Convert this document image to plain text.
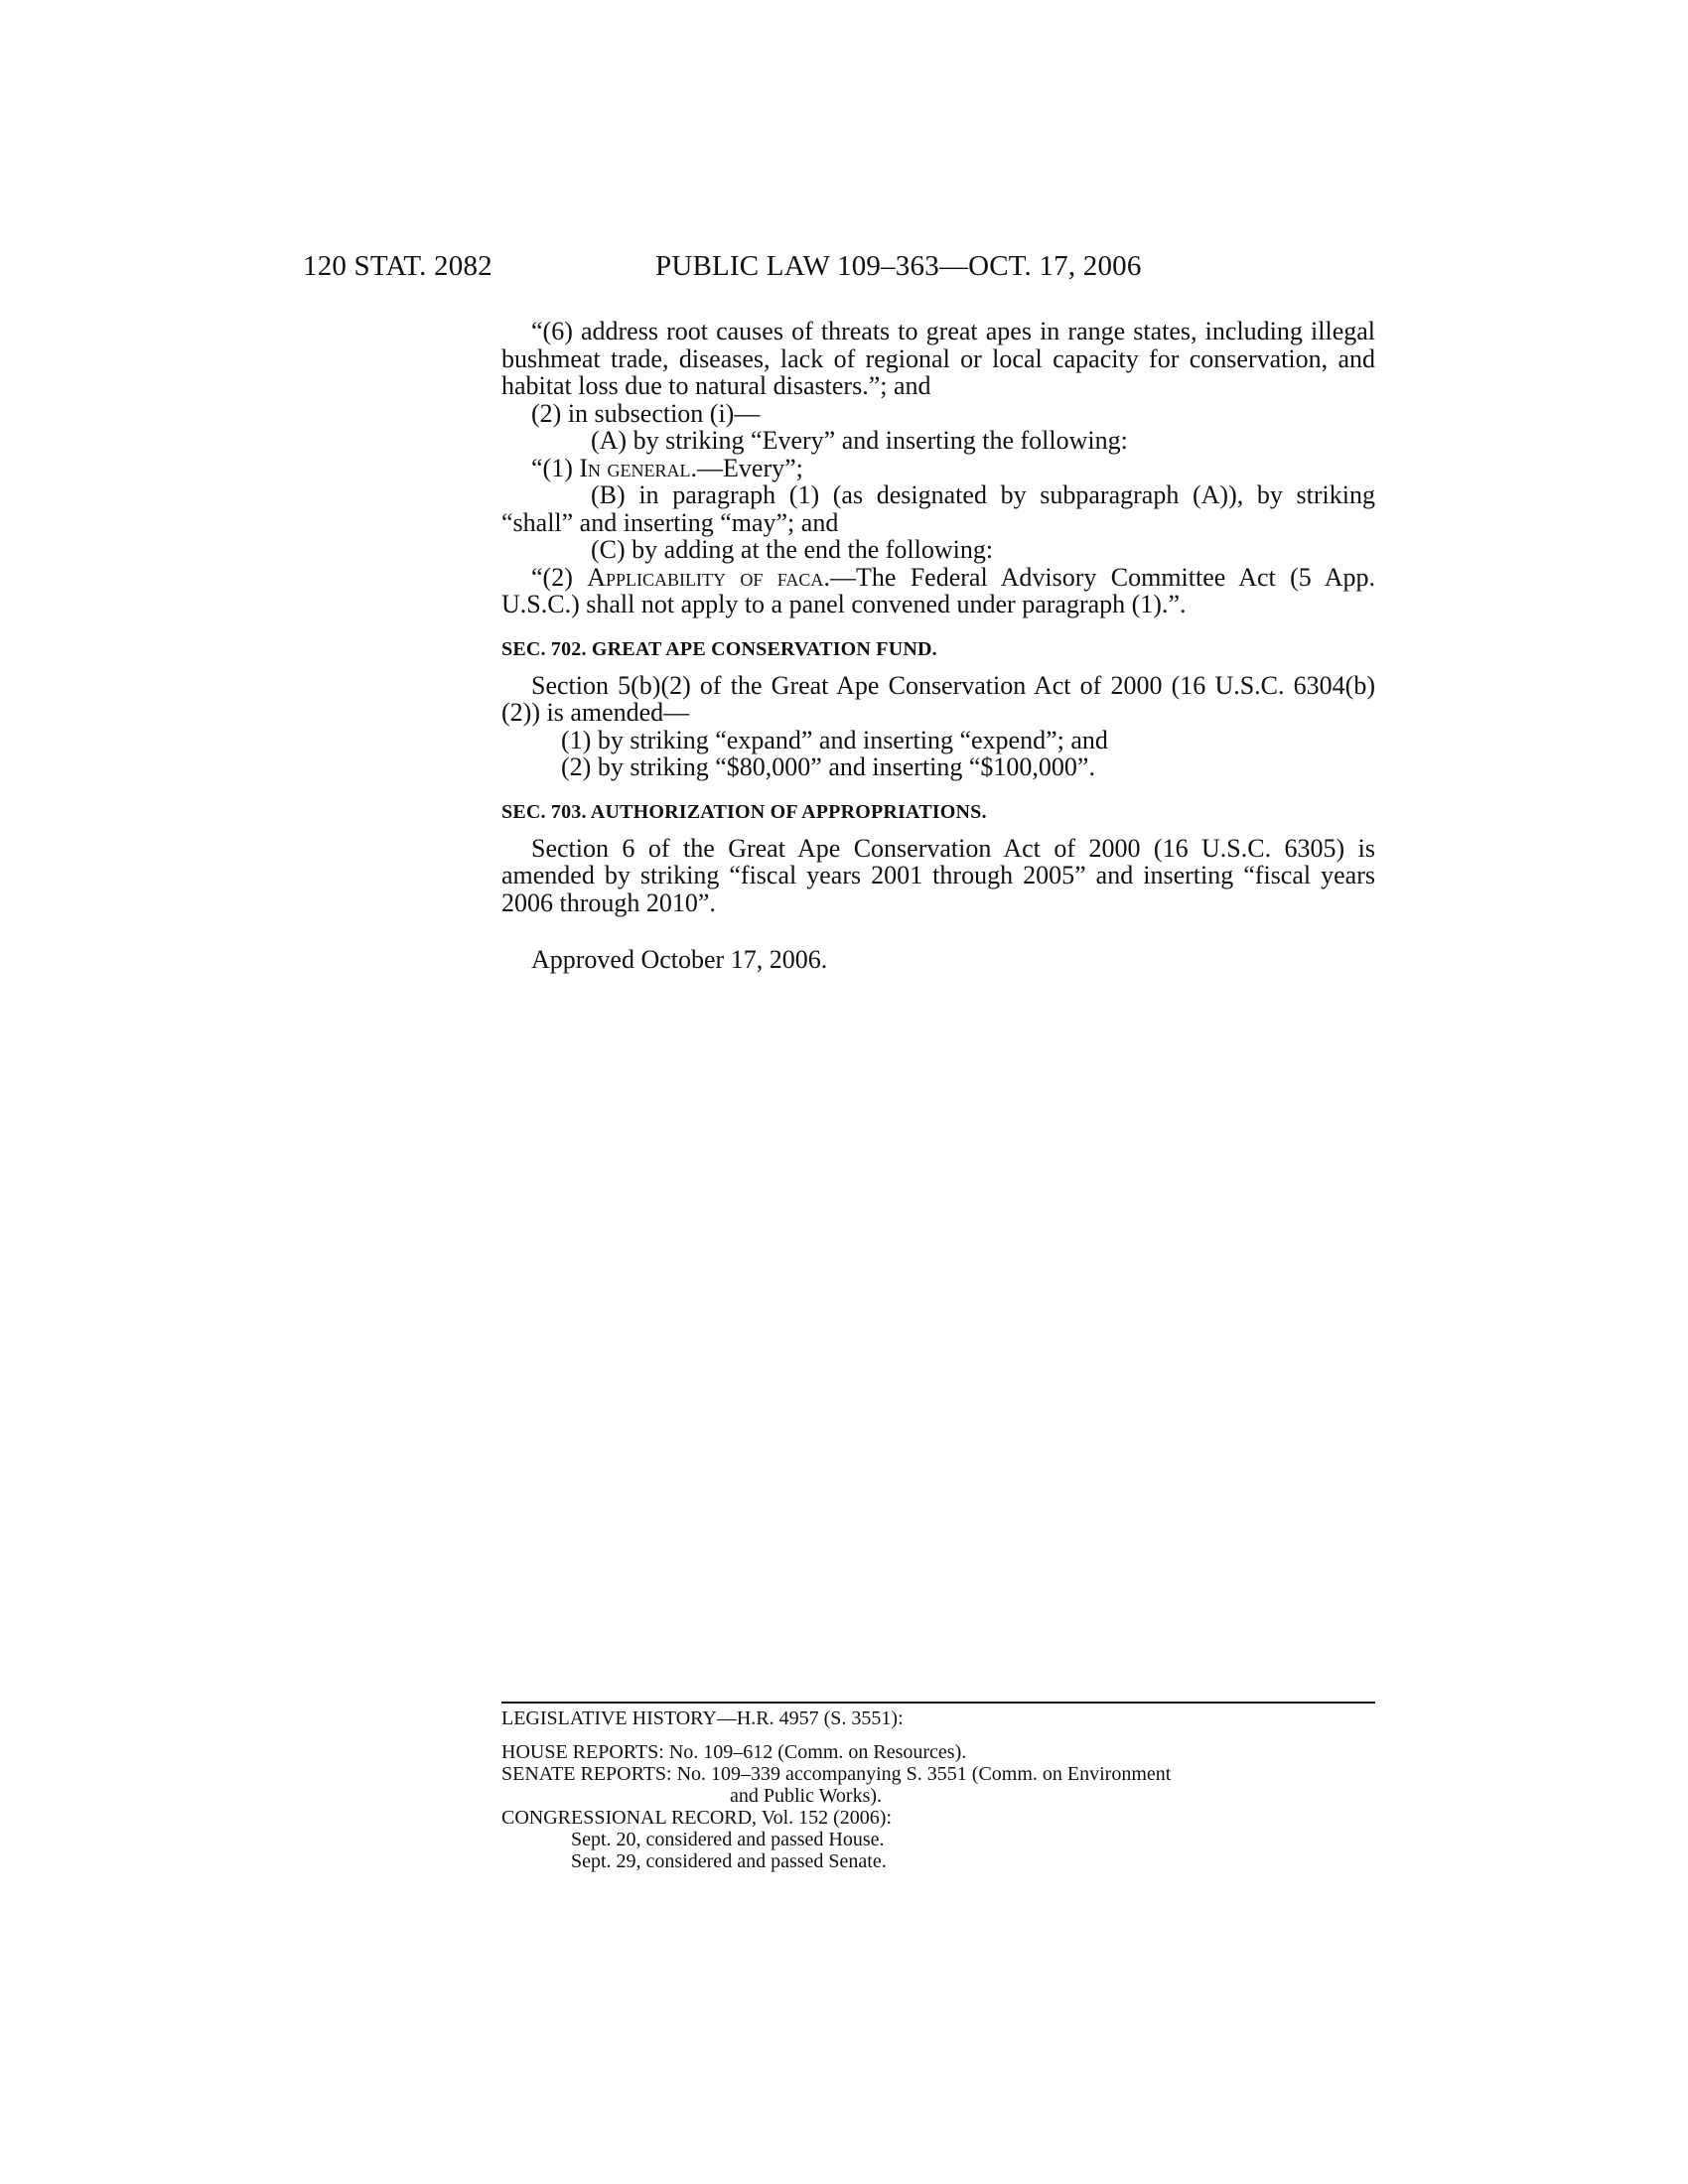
120 STAT. 2082	PUBLIC LAW 109–363—OCT. 17, 2006

“(6) address root causes of threats to great apes in range states, including illegal bushmeat trade, diseases, lack of regional or local capacity for conservation, and habitat loss due to natural disasters.”; and

(2) in subsection (i)—

(A) by striking “Every” and inserting the following:
“(1) In general.—Every”;

(B) in paragraph (1) (as designated by subparagraph (A)), by striking “shall” and inserting “may”; and

(C) by adding at the end the following:

“(2) Applicability of faca.—The Federal Advisory Committee Act (5 App. U.S.C.) shall not apply to a panel convened under paragraph (1).”.

SEC. 702. GREAT APE CONSERVATION FUND.

Section 5(b)(2) of the Great Ape Conservation Act of 2000 (16 U.S.C. 6304(b)(2)) is amended—

(1) by striking “expand” and inserting “expend”; and

(2) by striking “$80,000” and inserting “$100,000”.

SEC. 703. AUTHORIZATION OF APPROPRIATIONS.

Section 6 of the Great Ape Conservation Act of 2000 (16 U.S.C. 6305) is amended by striking “fiscal years 2001 through 2005” and inserting “fiscal years 2006 through 2010”.

Approved October 17, 2006.

LEGISLATIVE HISTORY—H.R. 4957 (S. 3551):
HOUSE REPORTS: No. 109–612 (Comm. on Resources).
SENATE REPORTS: No. 109–339 accompanying S. 3551 (Comm. on Environment
and Public Works).
CONGRESSIONAL RECORD, Vol. 152 (2006):
Sept. 20, considered and passed House.
Sept. 29, considered and passed Senate.
